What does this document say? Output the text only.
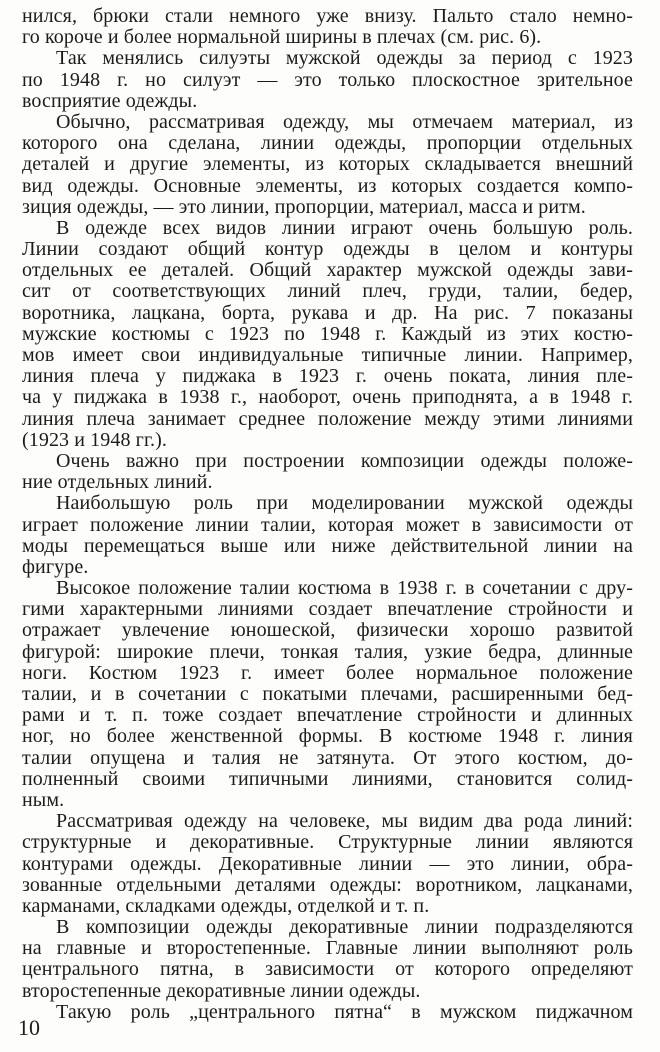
нился, брюки стали немного уже внизу. Пальто стало немно-
го короче и более нормальной ширины в плечах (см. рис. 6).
Так менялись силуэты мужской одежды за период с 1923
по 1948 г. но силуэт — это только плоскостное зрительное
восприятие одежды.
Обычно, рассматривая одежду, мы отмечаем материал, из
которого она сделана, линии одежды, пропорции отдельных
деталей и другие элементы, из которых складывается внешний
вид одежды. Основные элементы, из которых создается компо-
зиция одежды, — это линии, пропорции, материал, масса и ритм.
В одежде всех видов линии играют очень большую роль.
Линии создают общий контур одежды в целом и контуры
отдельных ее деталей. Общий характер мужской одежды зави-
сит от соответствующих линий плеч, груди, талии, бедер,
воротника, лацкана, борта, рукава и др. На рис. 7 показаны
мужские костюмы с 1923 по 1948 г. Каждый из этих костю-
мов имеет свои индивидуальные типичные линии. Например,
линия плеча у пиджака в 1923 г. очень поката, линия пле-
ча у пиджака в 1938 г., наоборот, очень приподнята, а в 1948 г.
линия плеча занимает среднее положение между этими линиями
(1923 и 1948 гг.).
Очень важно при построении композиции одежды положе-
ние отдельных линий.
Наибольшую роль при моделировании мужской одежды
играет положение линии талии, которая может в зависимости от
моды перемещаться выше или ниже действительной линии на
фигуре.
Высокое положение талии костюма в 1938 г. в сочетании с дру-
гими характерными линиями создает впечатление стройности и
отражает увлечение юношеской, физически хорошо развитой
фигурой: широкие плечи, тонкая талия, узкие бедра, длинные
ноги. Костюм 1923 г. имеет более нормальное положение
талии, и в сочетании с покатыми плечами, расширенными бед-
рами и т. п. тоже создает впечатление стройности и длинных
ног, но более женственной формы. В костюме 1948 г. линия
талии опущена и талия не затянута. От этого костюм, до-
полненный своими типичными линиями, становится солид-
ным.
Рассматривая одежду на человеке, мы видим два рода линий:
структурные и декоративные. Структурные линии являются
контурами одежды. Декоративные линии — это линии, обра-
зованные отдельными деталями одежды: воротником, лацканами,
карманами, складками одежды, отделкой и т. п.
В композиции одежды декоративные линии подразделяются
на главные и второстепенные. Главные линии выполняют роль
центрального пятна, в зависимости от которого определяют
второстепенные декоративные линии одежды.
Такую роль „центрального пятна“ в мужском пиджачном
10
